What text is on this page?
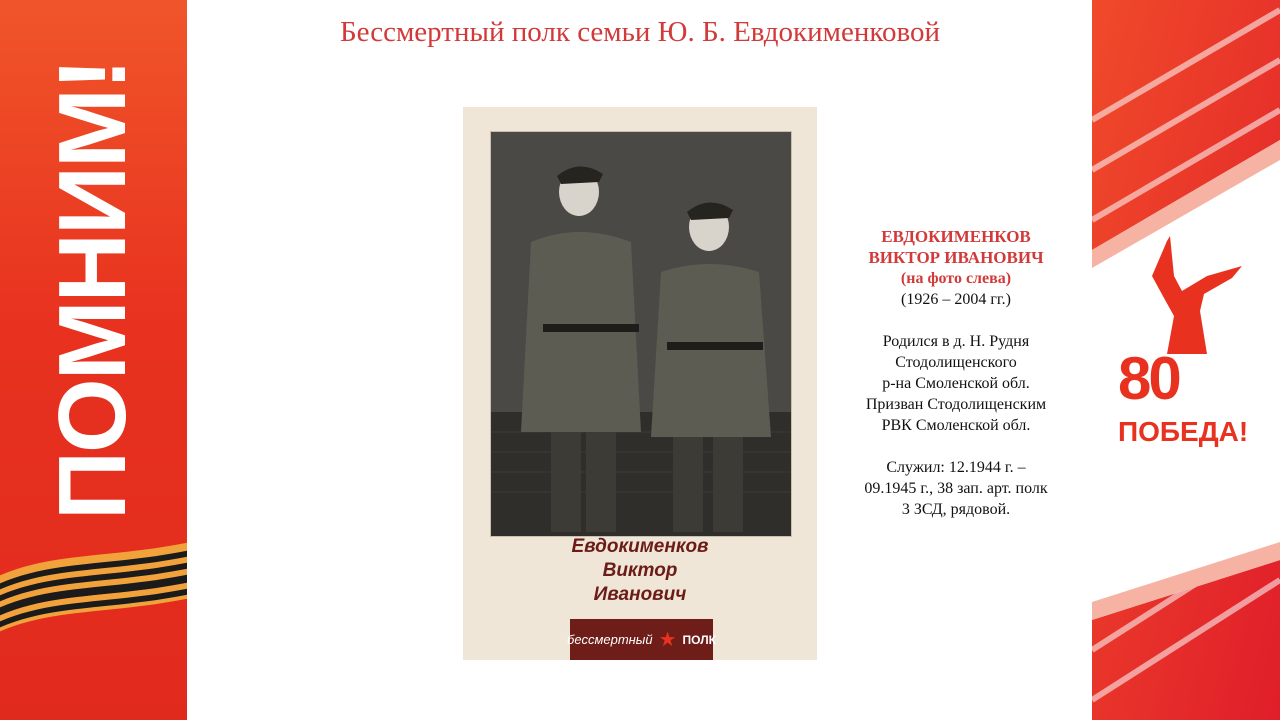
ПОМНИМ!	80
ПОБЕДА!
Бессмертный полк семьи Ю. Б. Евдокименковой
Евдокименков
Виктор
Иванович
бессмертный ★ ПОЛК
ЕВДОКИМЕНКОВ
ВИКТОР ИВАНОВИЧ
(на фото слева)
(1926 – 2004 гг.)
Родился в д. Н. Рудня
Стодолищенского
р-на Смоленской обл.
Призван Стодолищенским
РВК Смоленской обл.
Служил: 12.1944 г. –
09.1945 г., 38 зап. арт. полк
3 ЗСД, рядовой.
